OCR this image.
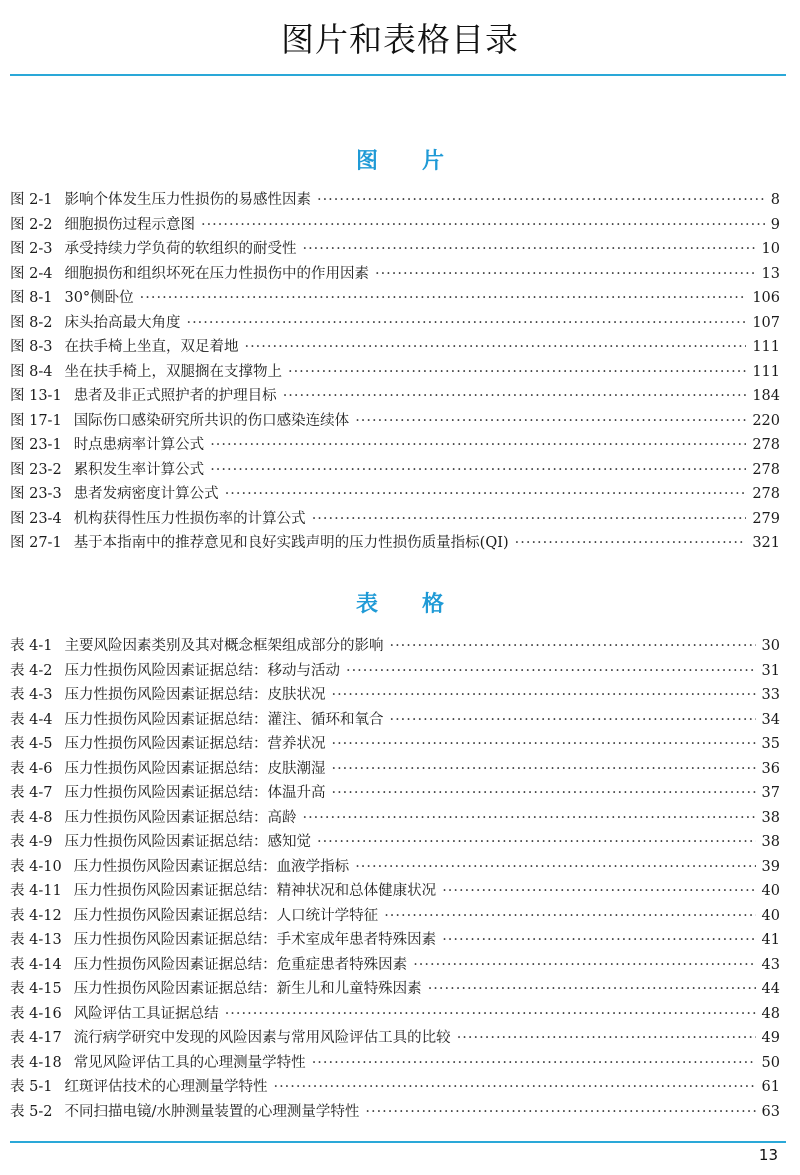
图片和表格目录
图　　片
图 2-1 影响个体发生压力性损伤的易感性因素 ·····	8
图 2-2 细胞损伤过程示意图 ·····	9
图 2-3 承受持续力学负荷的软组织的耐受性 ·····	10
图 2-4 细胞损伤和组织坏死在压力性损伤中的作用因素 ·····	13
图 8-1 30°侧卧位 ·····	106
图 8-2 床头抬高最大角度 ·····	107
图 8-3 在扶手椅上坐直，双足着地 ·····	111
图 8-4 坐在扶手椅上，双腿搁在支撑物上 ·····	111
图 13-1 患者及非正式照护者的护理目标 ·····	184
图 17-1 国际伤口感染研究所共识的伤口感染连续体 ·····	220
图 23-1 时点患病率计算公式 ·····	278
图 23-2 累积发生率计算公式 ·····	278
图 23-3 患者发病密度计算公式 ·····	278
图 23-4 机构获得性压力性损伤率的计算公式 ·····	279
图 27-1 基于本指南中的推荐意见和良好实践声明的压力性损伤质量指标(QI) ·····	321
表　　格
表 4-1 主要风险因素类别及其对概念框架组成部分的影响 ·····	30
表 4-2 压力性损伤风险因素证据总结：移动与活动 ·····	31
表 4-3 压力性损伤风险因素证据总结：皮肤状况 ·····	33
表 4-4 压力性损伤风险因素证据总结：灌注、循环和氧合 ·····	34
表 4-5 压力性损伤风险因素证据总结：营养状况 ·····	35
表 4-6 压力性损伤风险因素证据总结：皮肤潮湿 ·····	36
表 4-7 压力性损伤风险因素证据总结：体温升高 ·····	37
表 4-8 压力性损伤风险因素证据总结：高龄 ·····	38
表 4-9 压力性损伤风险因素证据总结：感知觉 ·····	38
表 4-10 压力性损伤风险因素证据总结：血液学指标 ·····	39
表 4-11 压力性损伤风险因素证据总结：精神状况和总体健康状况 ·····	40
表 4-12 压力性损伤风险因素证据总结：人口统计学特征 ·····	40
表 4-13 压力性损伤风险因素证据总结：手术室成年患者特殊因素 ·····	41
表 4-14 压力性损伤风险因素证据总结：危重症患者特殊因素 ·····	43
表 4-15 压力性损伤风险因素证据总结：新生儿和儿童特殊因素 ·····	44
表 4-16 风险评估工具证据总结 ·····	48
表 4-17 流行病学研究中发现的风险因素与常用风险评估工具的比较 ·····	49
表 4-18 常见风险评估工具的心理测量学特性 ·····	50
表 5-1 红斑评估技术的心理测量学特性 ·····	61
表 5-2 不同扫描电镜/水肿测量装置的心理测量学特性 ·····	63
13
